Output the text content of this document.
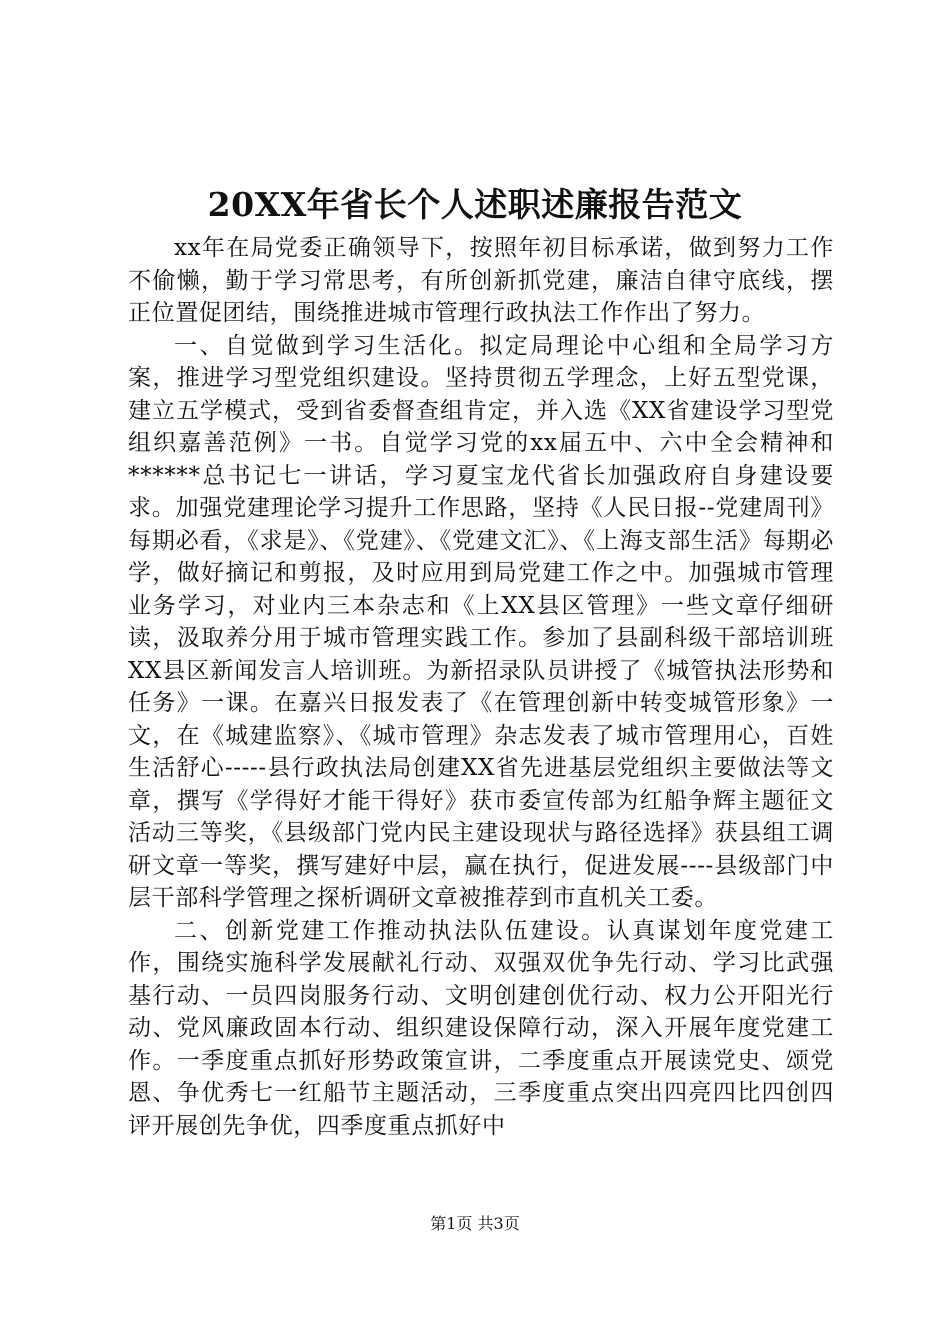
20XX年省长个人述职述廉报告范文

xx年在局党委正确领导下，按照年初目标承诺，做到努力工作不偷懒，勤于学习常思考，有所创新抓党建，廉洁自律守底线，摆正位置促团结，围绕推进城市管理行政执法工作作出了努力。

一、自觉做到学习生活化。拟定局理论中心组和全局学习方案，推进学习型党组织建设。坚持贯彻五学理念，上好五型党课，建立五学模式，受到省委督查组肯定，并入选《XX省建设学习型党组织嘉善范例》一书。自觉学习党的xx届五中、六中全会精神和******总书记七一讲话，学习夏宝龙代省长加强政府自身建设要求。加强党建理论学习提升工作思路，坚持《人民日报--党建周刊》每期必看，《求是》、《党建》、《党建文汇》、《上海支部生活》每期必学，做好摘记和剪报，及时应用到局党建工作之中。加强城市管理业务学习，对业内三本杂志和《上XX县区管理》一些文章仔细研读，汲取养分用于城市管理实践工作。参加了县副科级干部培训班XX县区新闻发言人培训班。为新招录队员讲授了《城管执法形势和任务》一课。在嘉兴日报发表了《在管理创新中转变城管形象》一文，在《城建监察》、《城市管理》杂志发表了城市管理用心，百姓生活舒心-----县行政执法局创建XX省先进基层党组织主要做法等文章，撰写《学得好才能干得好》获市委宣传部为红船争辉主题征文活动三等奖，《县级部门党内民主建设现状与路径选择》获县组工调研文章一等奖，撰写建好中层，赢在执行，促进发展----县级部门中层干部科学管理之探析调研文章被推荐到市直机关工委。

二、创新党建工作推动执法队伍建设。认真谋划年度党建工作，围绕实施科学发展献礼行动、双强双优争先行动、学习比武强基行动、一员四岗服务行动、文明创建创优行动、权力公开阳光行动、党风廉政固本行动、组织建设保障行动，深入开展年度党建工作。一季度重点抓好形势政策宣讲，二季度重点开展读党史、颂党恩、争优秀七一红船节主题活动，三季度重点突出四亮四比四创四评开展创先争优，四季度重点抓好中

第1页 共3页
